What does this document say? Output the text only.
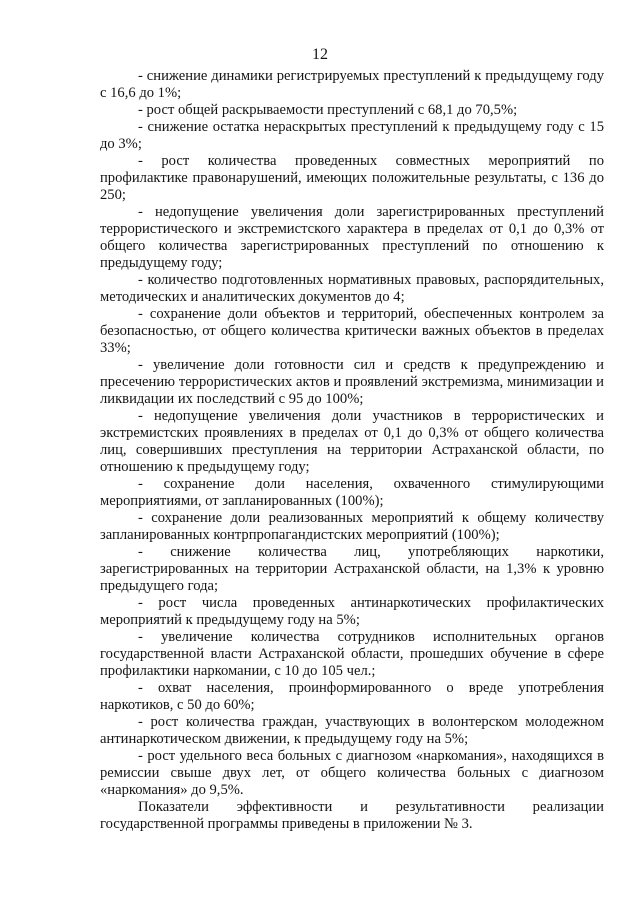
12

- снижение динамики регистрируемых преступлений к предыдущему году с 16,6 до 1%;

- рост общей раскрываемости преступлений с 68,1 до 70,5%;

- снижение остатка нераскрытых преступлений к предыдущему году с 15 до 3%;

- рост количества проведенных совместных мероприятий по профилактике правонарушений, имеющих положительные результаты, с 136 до 250;

- недопущение увеличения доли зарегистрированных преступлений террористического и экстремистского характера в пределах от 0,1 до 0,3% от общего количества зарегистрированных преступлений по отношению к предыдущему году;

- количество подготовленных нормативных правовых, распорядительных, методических и аналитических документов до 4;

- сохранение доли объектов и территорий, обеспеченных контролем за безопасностью, от общего количества критически важных объектов в пределах 33%;

- увеличение доли готовности сил и средств к предупреждению и пресечению террористических актов и проявлений экстремизма, минимизации и ликвидации их последствий с 95 до 100%;

- недопущение увеличения доли участников в террористических и экстремистских проявлениях в пределах от 0,1 до 0,3% от общего количества лиц, совершивших преступления на территории Астраханской области, по отношению к предыдущему году;

- сохранение доли населения, охваченного стимулирующими мероприятиями, от запланированных (100%);

- сохранение доли реализованных мероприятий к общему количеству запланированных контрпропагандистских мероприятий (100%);

- снижение количества лиц, употребляющих наркотики, зарегистрированных на территории Астраханской области, на 1,3% к уровню предыдущего года;

- рост числа проведенных антинаркотических профилактических мероприятий к предыдущему году на 5%;

- увеличение количества сотрудников исполнительных органов государственной власти Астраханской области, прошедших обучение в сфере профилактики наркомании, с 10 до 105 чел.;

- охват населения, проинформированного о вреде употребления наркотиков, с 50 до 60%;

- рост количества граждан, участвующих в волонтерском молодежном антинаркотическом движении, к предыдущему году на 5%;

- рост удельного веса больных с диагнозом «наркомания», находящихся в ремиссии свыше двух лет, от общего количества больных с диагнозом «наркомания» до 9,5%.

Показатели эффективности и результативности реализации государственной программы приведены в приложении № 3.
